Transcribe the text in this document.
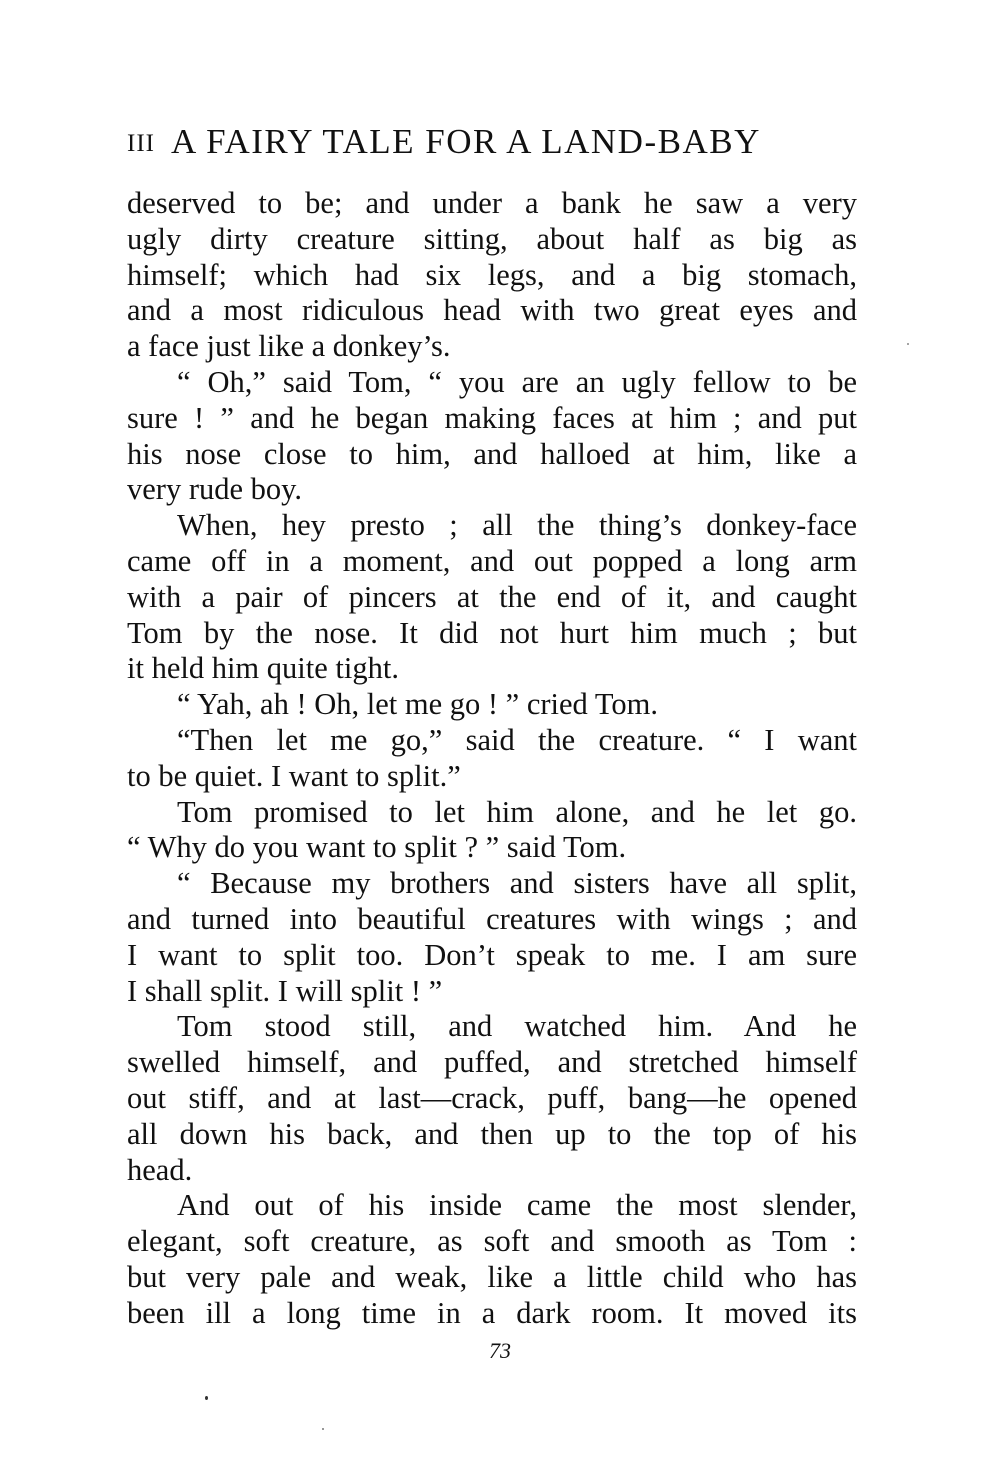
III A FAIRY TALE FOR A LAND-BABY
deserved to be; and under a bank he saw a very
ugly dirty creature sitting, about half as big as
himself; which had six legs, and a big stomach,
and a most ridiculous head with two great eyes and
a face just like a donkey’s.
“ Oh,” said Tom, “ you are an ugly fellow to be
sure ! ” and he began making faces at him ; and put
his nose close to him, and halloed at him, like a
very rude boy.
When, hey presto ; all the thing’s donkey-face
came off in a moment, and out popped a long arm
with a pair of pincers at the end of it, and caught
Tom by the nose. It did not hurt him much ; but
it held him quite tight.
“ Yah, ah ! Oh, let me go ! ” cried Tom.
“Then let me go,” said the creature. “ I want
to be quiet. I want to split.”
Tom promised to let him alone, and he let go.
“ Why do you want to split ? ” said Tom.
“ Because my brothers and sisters have all split,
and turned into beautiful creatures with wings ; and
I want to split too. Don’t speak to me. I am sure
I shall split. I will split ! ”
Tom stood still, and watched him. And he
swelled himself, and puffed, and stretched himself
out stiff, and at last—crack, puff, bang—he opened
all down his back, and then up to the top of his
head.
And out of his inside came the most slender,
elegant, soft creature, as soft and smooth as Tom :
but very pale and weak, like a little child who has
been ill a long time in a dark room. It moved its
73
